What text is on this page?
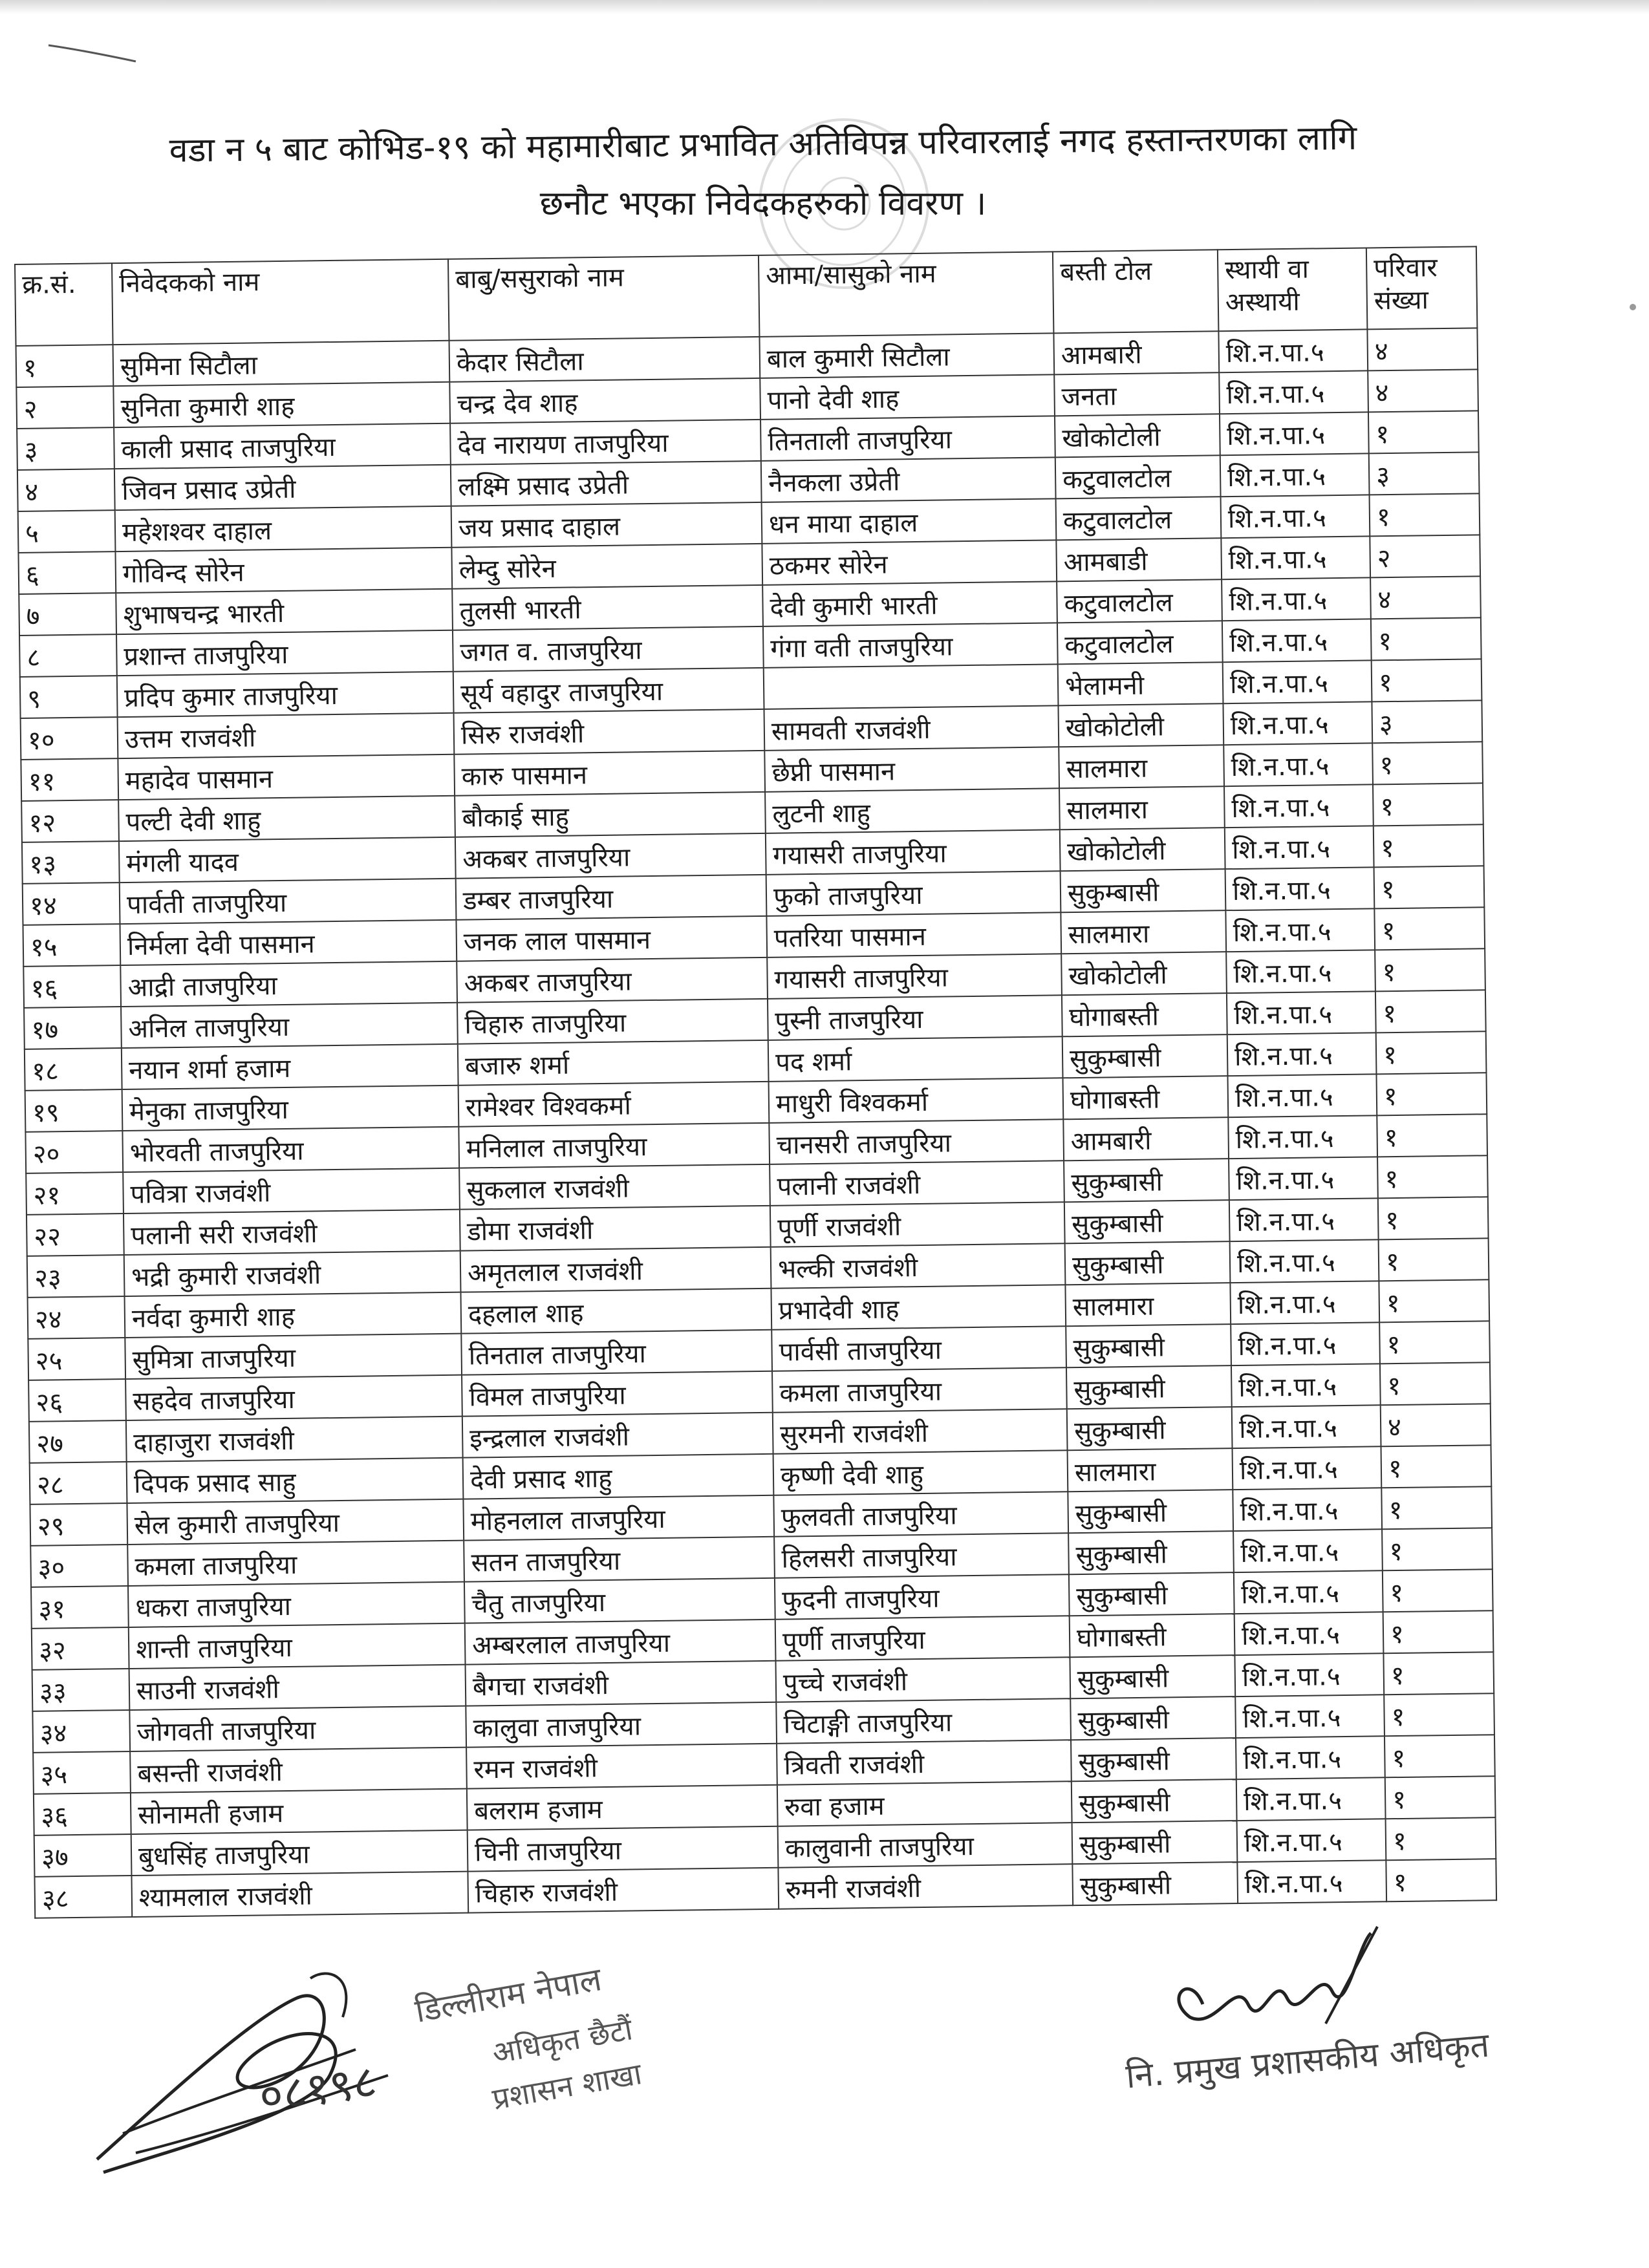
वडा न ५ बाट कोभिड-१९ को महामारीबाट प्रभावित अतिविपन्न परिवारलाई नगद हस्तान्तरणका लागि
छनौट भएका निवेदकहरुको विवरण ।
क्र.सं.	निवेदकको नाम	बाबु/ससुराको नाम	आमा/सासुको नाम	बस्ती टोल	स्थायी वा अस्थायी	परिवार संख्या
१	सुमिना सिटौला	केदार सिटौला	बाल कुमारी सिटौला	आमबारी	शि.न.पा.५	४
२	सुनिता कुमारी शाह	चन्द्र देव शाह	पानो देवी शाह	जनता	शि.न.पा.५	४
३	काली प्रसाद ताजपुरिया	देव नारायण ताजपुरिया	तिनताली ताजपुरिया	खोकोटोली	शि.न.पा.५	१
४	जिवन प्रसाद उप्रेती	लक्ष्मि प्रसाद उप्रेती	नैनकला उप्रेती	कटुवालटोल	शि.न.पा.५	३
५	महेशश्वर दाहाल	जय प्रसाद दाहाल	धन माया दाहाल	कटुवालटोल	शि.न.पा.५	१
६	गोविन्द सोरेन	लेम्दु सोरेन	ठकमर सोरेन	आमबाडी	शि.न.पा.५	२
७	शुभाषचन्द्र भारती	तुलसी भारती	देवी कुमारी भारती	कटुवालटोल	शि.न.पा.५	४
८	प्रशान्त ताजपुरिया	जगत व. ताजपुरिया	गंगा वती ताजपुरिया	कटुवालटोल	शि.न.पा.५	१
९	प्रदिप कुमार ताजपुरिया	सूर्य वहादुर ताजपुरिया		भेलामनी	शि.न.पा.५	१
१०	उत्तम राजवंशी	सिरु राजवंशी	सामवती राजवंशी	खोकोटोली	शि.न.पा.५	३
११	महादेव पासमान	कारु पासमान	छेप्नी पासमान	सालमारा	शि.न.पा.५	१
१२	पल्टी देवी शाहु	बौकाई साहु	लुटनी शाहु	सालमारा	शि.न.पा.५	१
१३	मंगली यादव	अकबर ताजपुरिया	गयासरी ताजपुरिया	खोकोटोली	शि.न.पा.५	१
१४	पार्वती ताजपुरिया	डम्बर ताजपुरिया	फुको ताजपुरिया	सुकुम्बासी	शि.न.पा.५	१
१५	निर्मला देवी पासमान	जनक लाल पासमान	पतरिया पासमान	सालमारा	शि.न.पा.५	१
१६	आद्री ताजपुरिया	अकबर ताजपुरिया	गयासरी ताजपुरिया	खोकोटोली	शि.न.पा.५	१
१७	अनिल ताजपुरिया	चिहारु ताजपुरिया	पुस्नी ताजपुरिया	घोगाबस्ती	शि.न.पा.५	१
१८	नयान शर्मा हजाम	बजारु शर्मा	पद शर्मा	सुकुम्बासी	शि.न.पा.५	१
१९	मेनुका ताजपुरिया	रामेश्वर विश्वकर्मा	माधुरी विश्वकर्मा	घोगाबस्ती	शि.न.पा.५	१
२०	भोरवती ताजपुरिया	मनिलाल ताजपुरिया	चानसरी ताजपुरिया	आमबारी	शि.न.पा.५	१
२१	पवित्रा राजवंशी	सुकलाल राजवंशी	पलानी राजवंशी	सुकुम्बासी	शि.न.पा.५	१
२२	पलानी सरी राजवंशी	डोमा राजवंशी	पूर्णी राजवंशी	सुकुम्बासी	शि.न.पा.५	१
२३	भद्री कुमारी राजवंशी	अमृतलाल राजवंशी	भल्की राजवंशी	सुकुम्बासी	शि.न.पा.५	१
२४	नर्वदा कुमारी शाह	दहलाल शाह	प्रभादेवी शाह	सालमारा	शि.न.पा.५	१
२५	सुमित्रा ताजपुरिया	तिनताल ताजपुरिया	पार्वसी ताजपुरिया	सुकुम्बासी	शि.न.पा.५	१
२६	सहदेव ताजपुरिया	विमल ताजपुरिया	कमला ताजपुरिया	सुकुम्बासी	शि.न.पा.५	१
२७	दाहाजुरा राजवंशी	इन्द्रलाल राजवंशी	सुरमनी राजवंशी	सुकुम्बासी	शि.न.पा.५	४
२८	दिपक प्रसाद साहु	देवी प्रसाद शाहु	कृष्णी देवी शाहु	सालमारा	शि.न.पा.५	१
२९	सेल कुमारी ताजपुरिया	मोहनलाल ताजपुरिया	फुलवती ताजपुरिया	सुकुम्बासी	शि.न.पा.५	१
३०	कमला ताजपुरिया	सतन ताजपुरिया	हिलसरी ताजपुरिया	सुकुम्बासी	शि.न.पा.५	१
३१	धकरा ताजपुरिया	चैतु ताजपुरिया	फुदनी ताजपुरिया	सुकुम्बासी	शि.न.पा.५	१
३२	शान्ती ताजपुरिया	अम्बरलाल ताजपुरिया	पूर्णी ताजपुरिया	घोगाबस्ती	शि.न.पा.५	१
३३	साउनी राजवंशी	बैगचा राजवंशी	पुच्चे राजवंशी	सुकुम्बासी	शि.न.पा.५	१
३४	जोगवती ताजपुरिया	कालुवा ताजपुरिया	चिटाङ्गी ताजपुरिया	सुकुम्बासी	शि.न.पा.५	१
३५	बसन्ती राजवंशी	रमन राजवंशी	त्रिवती राजवंशी	सुकुम्बासी	शि.न.पा.५	१
३६	सोनामती हजाम	बलराम हजाम	रुवा हजाम	सुकुम्बासी	शि.न.पा.५	१
३७	बुधसिंह ताजपुरिया	चिनी ताजपुरिया	कालुवानी ताजपुरिया	सुकुम्बासी	शि.न.पा.५	१
३८	श्यामलाल राजवंशी	चिहारु राजवंशी	रुमनी राजवंशी	सुकुम्बासी	शि.न.पा.५	१
डिल्लीराम नेपाल
अधिकृत छैटौं
प्रशासन शाखा
०८१९८	नि. प्रमुख प्रशासकीय अधिकृत
